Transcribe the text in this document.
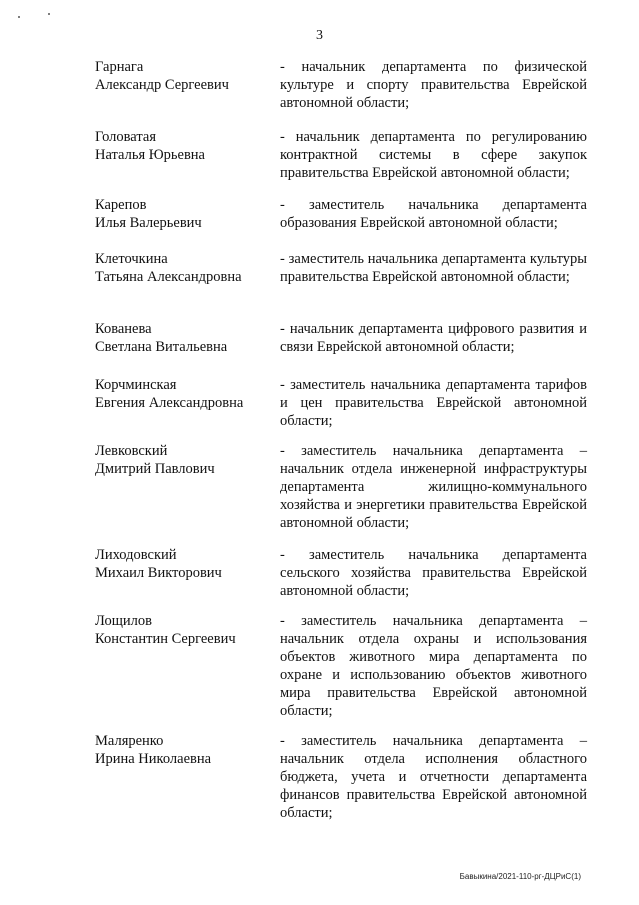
3
Гарнага
Александр Сергеевич
- начальник департамента по физической культуре и спорту правительства Еврейской автономной области;
Головатая
Наталья Юрьевна
- начальник департамента по регулированию контрактной системы в сфере закупок правительства Еврейской автономной области;
Карепов
Илья Валерьевич
- заместитель начальника департамента образования Еврейской автономной области;
Клеточкина
Татьяна Александровна
- заместитель начальника департамента культуры правительства Еврейской автономной области;
Кованева
Светлана Витальевна
- начальник департамента цифрового развития и связи Еврейской автономной области;
Корчминская
Евгения Александровна
- заместитель начальника департамента тарифов и цен правительства Еврейской автономной области;
Левковский
Дмитрий Павлович
- заместитель начальника департамента – начальник отдела инженерной инфраструктуры департамента жилищно-коммунального хозяйства и энергетики правительства Еврейской автономной области;
Лиходовский
Михаил Викторович
- заместитель начальника департамента сельского хозяйства правительства Еврейской автономной области;
Лощилов
Константин Сергеевич
- заместитель начальника департамента – начальник отдела охраны и использования объектов животного мира департамента по охране и использованию объектов животного мира правительства Еврейской автономной области;
Маляренко
Ирина Николаевна
- заместитель начальника департамента – начальник отдела исполнения областного бюджета, учета и отчетности департамента финансов правительства Еврейской автономной области;
Бавыкина/2021-110-рг-ДЦРиС(1)
